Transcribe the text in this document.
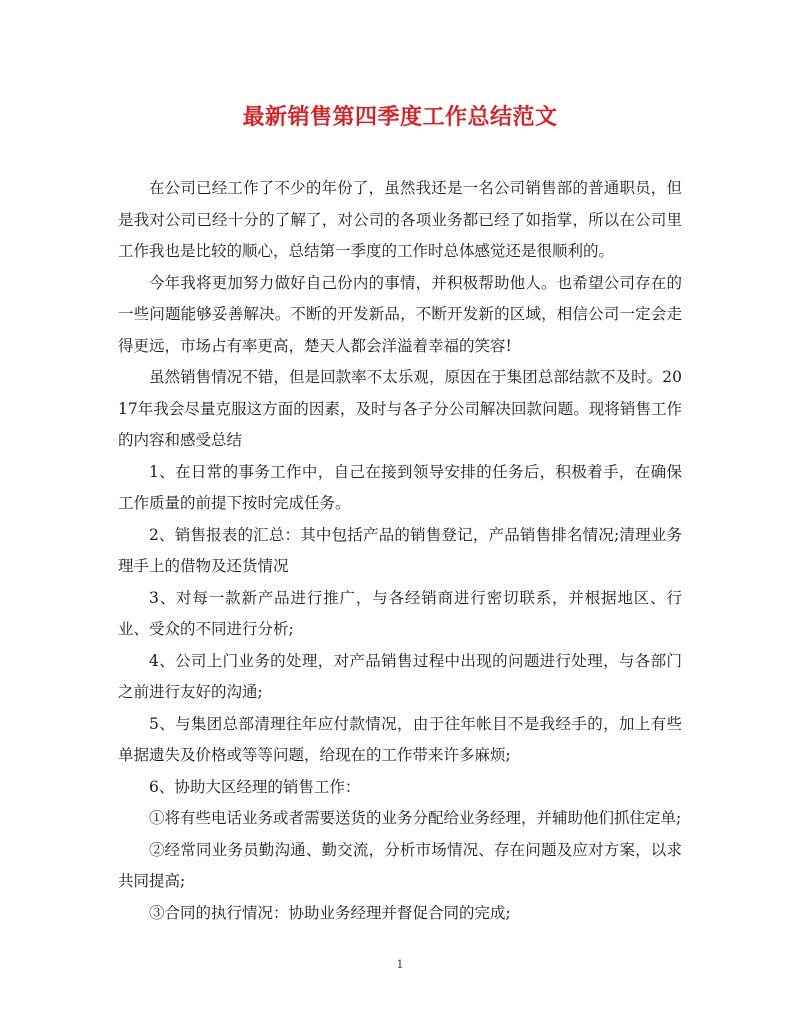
最新销售第四季度工作总结范文

在公司已经工作了不少的年份了，虽然我还是一名公司销售部的普通职员，但是我对公司已经十分的了解了，对公司的各项业务都已经了如指掌，所以在公司里工作我也是比较的顺心，总结第一季度的工作时总体感觉还是很顺利的。

今年我将更加努力做好自己份内的事情，并积极帮助他人。也希望公司存在的一些问题能够妥善解决。不断的开发新品，不断开发新的区域，相信公司一定会走得更远，市场占有率更高，楚天人都会洋溢着幸福的笑容!

虽然销售情况不错，但是回款率不太乐观，原因在于集团总部结款不及时。2017年我会尽量克服这方面的因素，及时与各子分公司解决回款问题。现将销售工作的内容和感受总结

1、在日常的事务工作中，自己在接到领导安排的任务后，积极着手，在确保工作质量的前提下按时完成任务。

2、销售报表的汇总：其中包括产品的销售登记，产品销售排名情况;清理业务理手上的借物及还货情况

3、对每一款新产品进行推广，与各经销商进行密切联系，并根据地区、行业、受众的不同进行分析;

4、公司上门业务的处理，对产品销售过程中出现的问题进行处理，与各部门之前进行友好的沟通;

5、与集团总部清理往年应付款情况，由于往年帐目不是我经手的，加上有些单据遗失及价格或等等问题，给现在的工作带来许多麻烦;

6、协助大区经理的销售工作：

①将有些电话业务或者需要送货的业务分配给业务经理，并辅助他们抓住定单;

②经常同业务员勤沟通、勤交流，分析市场情况、存在问题及应对方案，以求共同提高;

③合同的执行情况：协助业务经理并督促合同的完成;

1
